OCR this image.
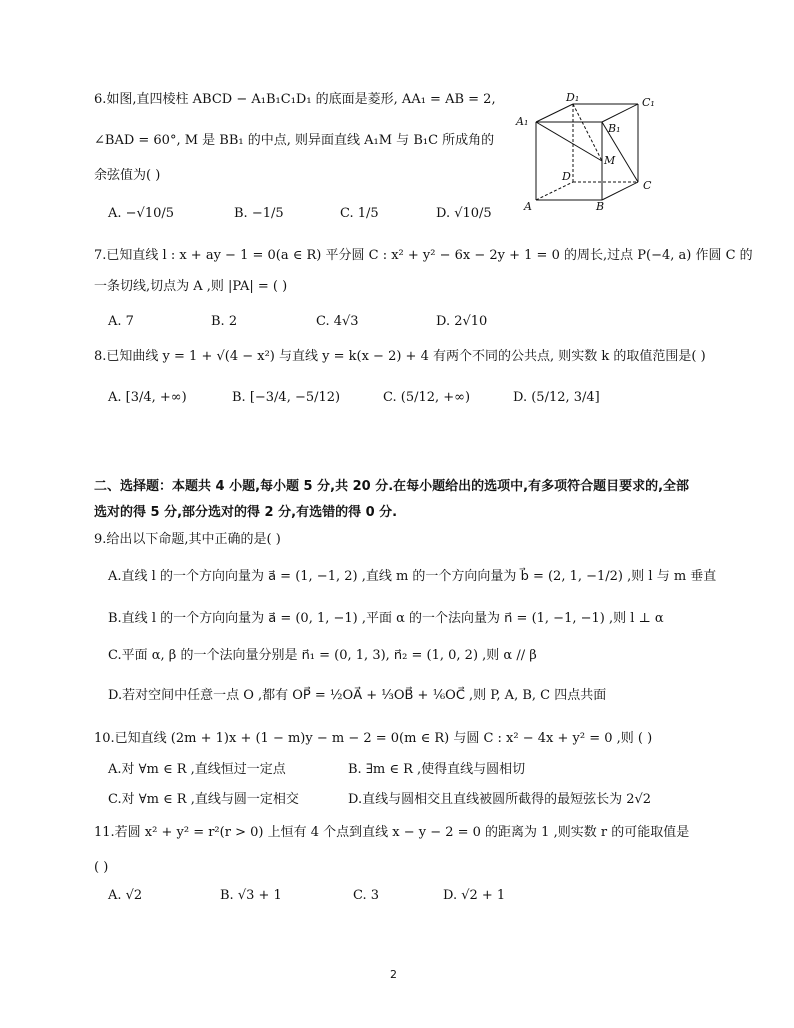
6.如图,直四棱柱 ABCD − A₁B₁C₁D₁ 的底面是菱形, AA₁ = AB = 2,
∠BAD = 60°, M 是 BB₁ 的中点, 则异面直线 A₁M 与 B₁C 所成角的
余弦值为( )
A. −√10/5	B. −1/5	C. 1/5	D. √10/5
D₁	C₁
A₁
B₁
M
D
C
A	B
7.已知直线 l : x + ay − 1 = 0(a ∈ R) 平分圆 C : x² + y² − 6x − 2y + 1 = 0 的周长,过点 P(−4, a) 作圆 C 的
一条切线,切点为 A ,则 |PA| = ( )
A. 7	B. 2	C. 4√3	D. 2√10
8.已知曲线 y = 1 + √(4 − x²) 与直线 y = k(x − 2) + 4 有两个不同的公共点, 则实数 k 的取值范围是( )
A. [3/4, +∞)	B. [−3/4, −5/12)	C. (5/12, +∞)	D. (5/12, 3/4]
二、选择题：本题共 4 小题,每小题 5 分,共 20 分.在每小题给出的选项中,有多项符合题目要求的,全部
选对的得 5 分,部分选对的得 2 分,有选错的得 0 分.
9.给出以下命题,其中正确的是( )
A.直线 l 的一个方向向量为 a⃗ = (1, −1, 2) ,直线 m 的一个方向向量为 b⃗ = (2, 1, −1/2) ,则 l 与 m 垂直
B.直线 l 的一个方向向量为 a⃗ = (0, 1, −1) ,平面 α 的一个法向量为 n⃗ = (1, −1, −1) ,则 l ⊥ α
C.平面 α, β 的一个法向量分别是 n⃗₁ = (0, 1, 3), n⃗₂ = (1, 0, 2) ,则 α // β
D.若对空间中任意一点 O ,都有 OP⃗ = ½OA⃗ + ⅓OB⃗ + ⅙OC⃗ ,则 P, A, B, C 四点共面
10.已知直线 (2m + 1)x + (1 − m)y − m − 2 = 0(m ∈ R) 与圆 C : x² − 4x + y² = 0 ,则 ( )
A.对 ∀m ∈ R ,直线恒过一定点	B. ∃m ∈ R ,使得直线与圆相切
C.对 ∀m ∈ R ,直线与圆一定相交	D.直线与圆相交且直线被圆所截得的最短弦长为 2√2
11.若圆 x² + y² = r²(r > 0) 上恒有 4 个点到直线 x − y − 2 = 0 的距离为 1 ,则实数 r 的可能取值是
( )
A. √2	B. √3 + 1	C. 3	D. √2 + 1
2
